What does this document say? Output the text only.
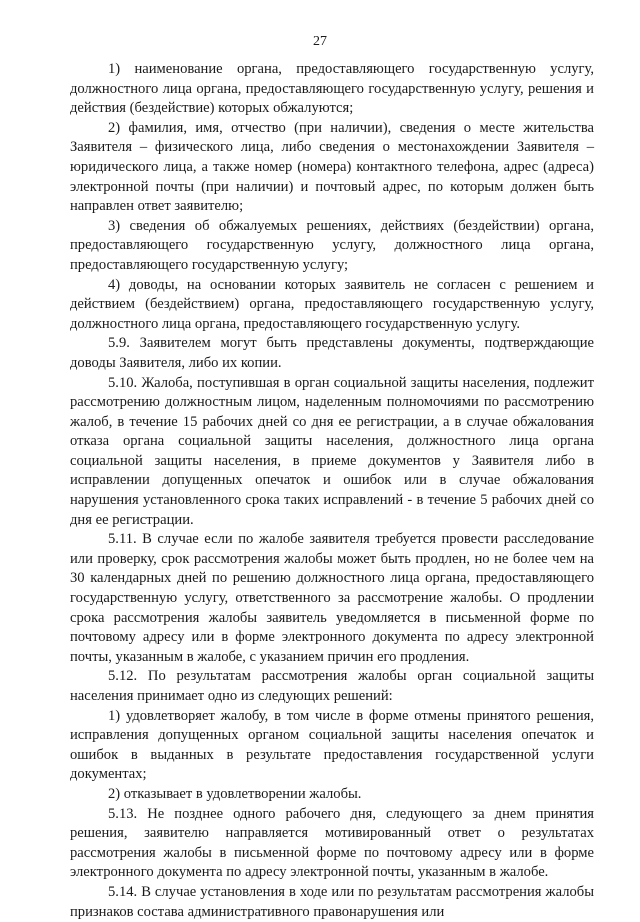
27

1) наименование органа, предоставляющего государственную услугу, должностного лица органа, предоставляющего государственную услугу, решения и действия (бездействие) которых обжалуются;

2) фамилия, имя, отчество (при наличии), сведения о месте жительства Заявителя – физического лица, либо сведения о местонахождении Заявителя – юридического лица, а также номер (номера) контактного телефона, адрес (адреса) электронной почты (при наличии) и почтовый адрес, по которым должен быть направлен ответ заявителю;

3) сведения об обжалуемых решениях, действиях (бездействии) органа, предоставляющего государственную услугу, должностного лица органа, предоставляющего государственную услугу;

4) доводы, на основании которых заявитель не согласен с решением и действием (бездействием) органа, предоставляющего государственную услугу, должностного лица органа, предоставляющего государственную услугу.

5.9. Заявителем могут быть представлены документы, подтверждающие доводы Заявителя, либо их копии.

5.10. Жалоба, поступившая в орган социальной защиты населения, подлежит рассмотрению должностным лицом, наделенным полномочиями по рассмотрению жалоб, в течение 15 рабочих дней со дня ее регистрации, а в случае обжалования отказа органа социальной защиты населения, должностного лица органа социальной защиты населения, в приеме документов у Заявителя либо в исправлении допущенных опечаток и ошибок или в случае обжалования нарушения установленного срока таких исправлений - в течение 5 рабочих дней со дня ее регистрации.

5.11. В случае если по жалобе заявителя требуется провести расследование или проверку, срок рассмотрения жалобы может быть продлен, но не более чем на 30 календарных дней по решению должностного лица органа, предоставляющего государственную услугу, ответственного за рассмотрение жалобы. О продлении срока рассмотрения жалобы заявитель уведомляется в письменной форме по почтовому адресу или в форме электронного документа по адресу электронной почты, указанным в жалобе, с указанием причин его продления.

5.12. По результатам рассмотрения жалобы орган социальной защиты населения принимает одно из следующих решений:

1) удовлетворяет жалобу, в том числе в форме отмены принятого решения, исправления допущенных органом социальной защиты населения опечаток и ошибок в выданных в результате предоставления государственной услуги документах;

2) отказывает в удовлетворении жалобы.

5.13. Не позднее одного рабочего дня, следующего за днем принятия решения, заявителю направляется мотивированный ответ о результатах рассмотрения жалобы в письменной форме по почтовому адресу или в форме электронного документа по адресу электронной почты, указанным в жалобе.

5.14. В случае установления в ходе или по результатам рассмотрения жалобы признаков состава административного правонарушения или
